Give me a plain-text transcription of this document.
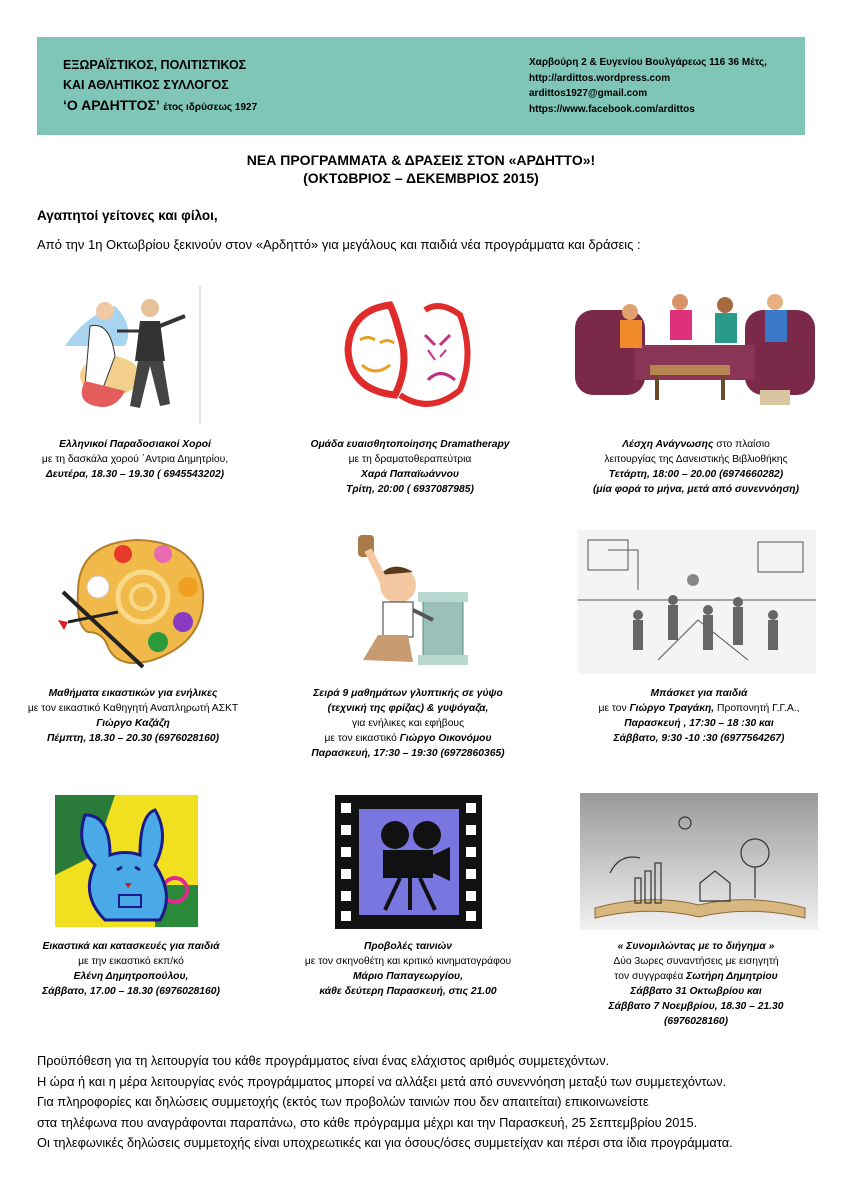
ΕΞΩΡΑΪΣΤΙΚΟΣ, ΠΟΛΙΤΙΣΤΙΚΟΣ
ΚΑΙ ΑΘΛΗΤΙΚΟΣ ΣΥΛΛΟΓΟΣ
‘Ο ΑΡΔΗΤΤΟΣ’ έτος ιδρύσεως 1927
Χαρβούρη 2 & Ευγενίου Βουλγάρεως 116 36 Μέτς,
http://ardittos.wordpress.com
ardittos1927@gmail.com
https://www.facebook.com/ardittos
ΝΕΑ ΠΡΟΓΡΑΜΜΑΤΑ & ΔΡΑΣΕΙΣ ΣΤΟΝ «ΑΡΔΗΤΤΟ»!
(ΟΚΤΩΒΡΙΟΣ – ΔΕΚΕΜΒΡΙΟΣ 2015)
Αγαπητοί γείτονες και φίλοι,
Από την 1η Οκτωβρίου ξεκινούν στον «Αρδηττό» για μεγάλους και παιδιά νέα προγράμματα και δράσεις :
Ελληνικοί Παραδοσιακοί Χοροί
με τη δασκάλα χορού ΄Αντρια Δημητρίου,
Δευτέρα, 18.30 – 19.30 ( 6945543202)
Ομάδα ευαισθητοποίησης Dramatherapy
με τη δραματοθεραπεύτρια
Χαρά Παπαϊωάννου
Τρίτη, 20:00 ( 6937087985)
Λέσχη Ανάγνωσης στο πλαίσιο
λειτουργίας της Δανειστικής Βιβλιοθήκης
Τετάρτη, 18:00 – 20.00 (6974660282)
(μία φορά το μήνα, μετά από συνεννόηση)
Μαθήματα εικαστικών για ενήλικες
με τον εικαστικό Καθηγητή Αναπληρωτή ΑΣΚΤ
Γιώργο Καζάζη
Πέμπτη, 18.30 – 20.30 (6976028160)
Σειρά 9 μαθημάτων γλυπτικής σε γύψο
(τεχνική της φρίζας) & γυψόγαζα,
για ενήλικες και εφήβους
με τον εικαστικό Γιώργο Οικονόμου
Παρασκευή, 17:30 – 19:30 (6972860365)
Μπάσκετ για παιδιά
με τον Γιώργο Τραγάκη, Προπονητή Γ.Γ.Α.,
Παρασκευή , 17:30 – 18 :30 και
Σάββατο, 9:30 -10 :30 (6977564267)
Εικαστικά και κατασκευές για παιδιά
με την εικαστικό εκπ/κό
Ελένη Δημητροπούλου,
Σάββατο, 17.00 – 18.30 (6976028160)
Προβολές ταινιών
με τον σκηνοθέτη και κριτικό κινηματογράφου
Μάριο Παπαγεωργίου,
κάθε δεύτερη Παρασκευή, στις 21.00
« Συνομιλώντας με το διήγημα »
Δύο 3ωρες συναντήσεις με εισηγητή
τον συγγραφέα Σωτήρη Δημητρίου
Σάββατο 31 Οκτωβρίου και
Σάββατο 7 Νοεμβρίου, 18.30 – 21.30
(6976028160)
Προϋπόθεση για τη λειτουργία του κάθε προγράμματος είναι ένας ελάχιστος αριθμός συμμετεχόντων.
Η ώρα ή και η μέρα λειτουργίας ενός προγράμματος μπορεί να αλλάξει μετά από συνεννόηση μεταξύ των συμμετεχόντων.
Για πληροφορίες και δηλώσεις συμμετοχής (εκτός των προβολών ταινιών που δεν απαιτείται) επικοινωνείστε
στα τηλέφωνα που αναγράφονται παραπάνω, στο κάθε πρόγραμμα μέχρι και την Παρασκευή, 25 Σεπτεμβρίου 2015.
Οι τηλεφωνικές δηλώσεις συμμετοχής είναι υποχρεωτικές και για όσους/όσες συμμετείχαν και πέρσι στα ίδια προγράμματα.
